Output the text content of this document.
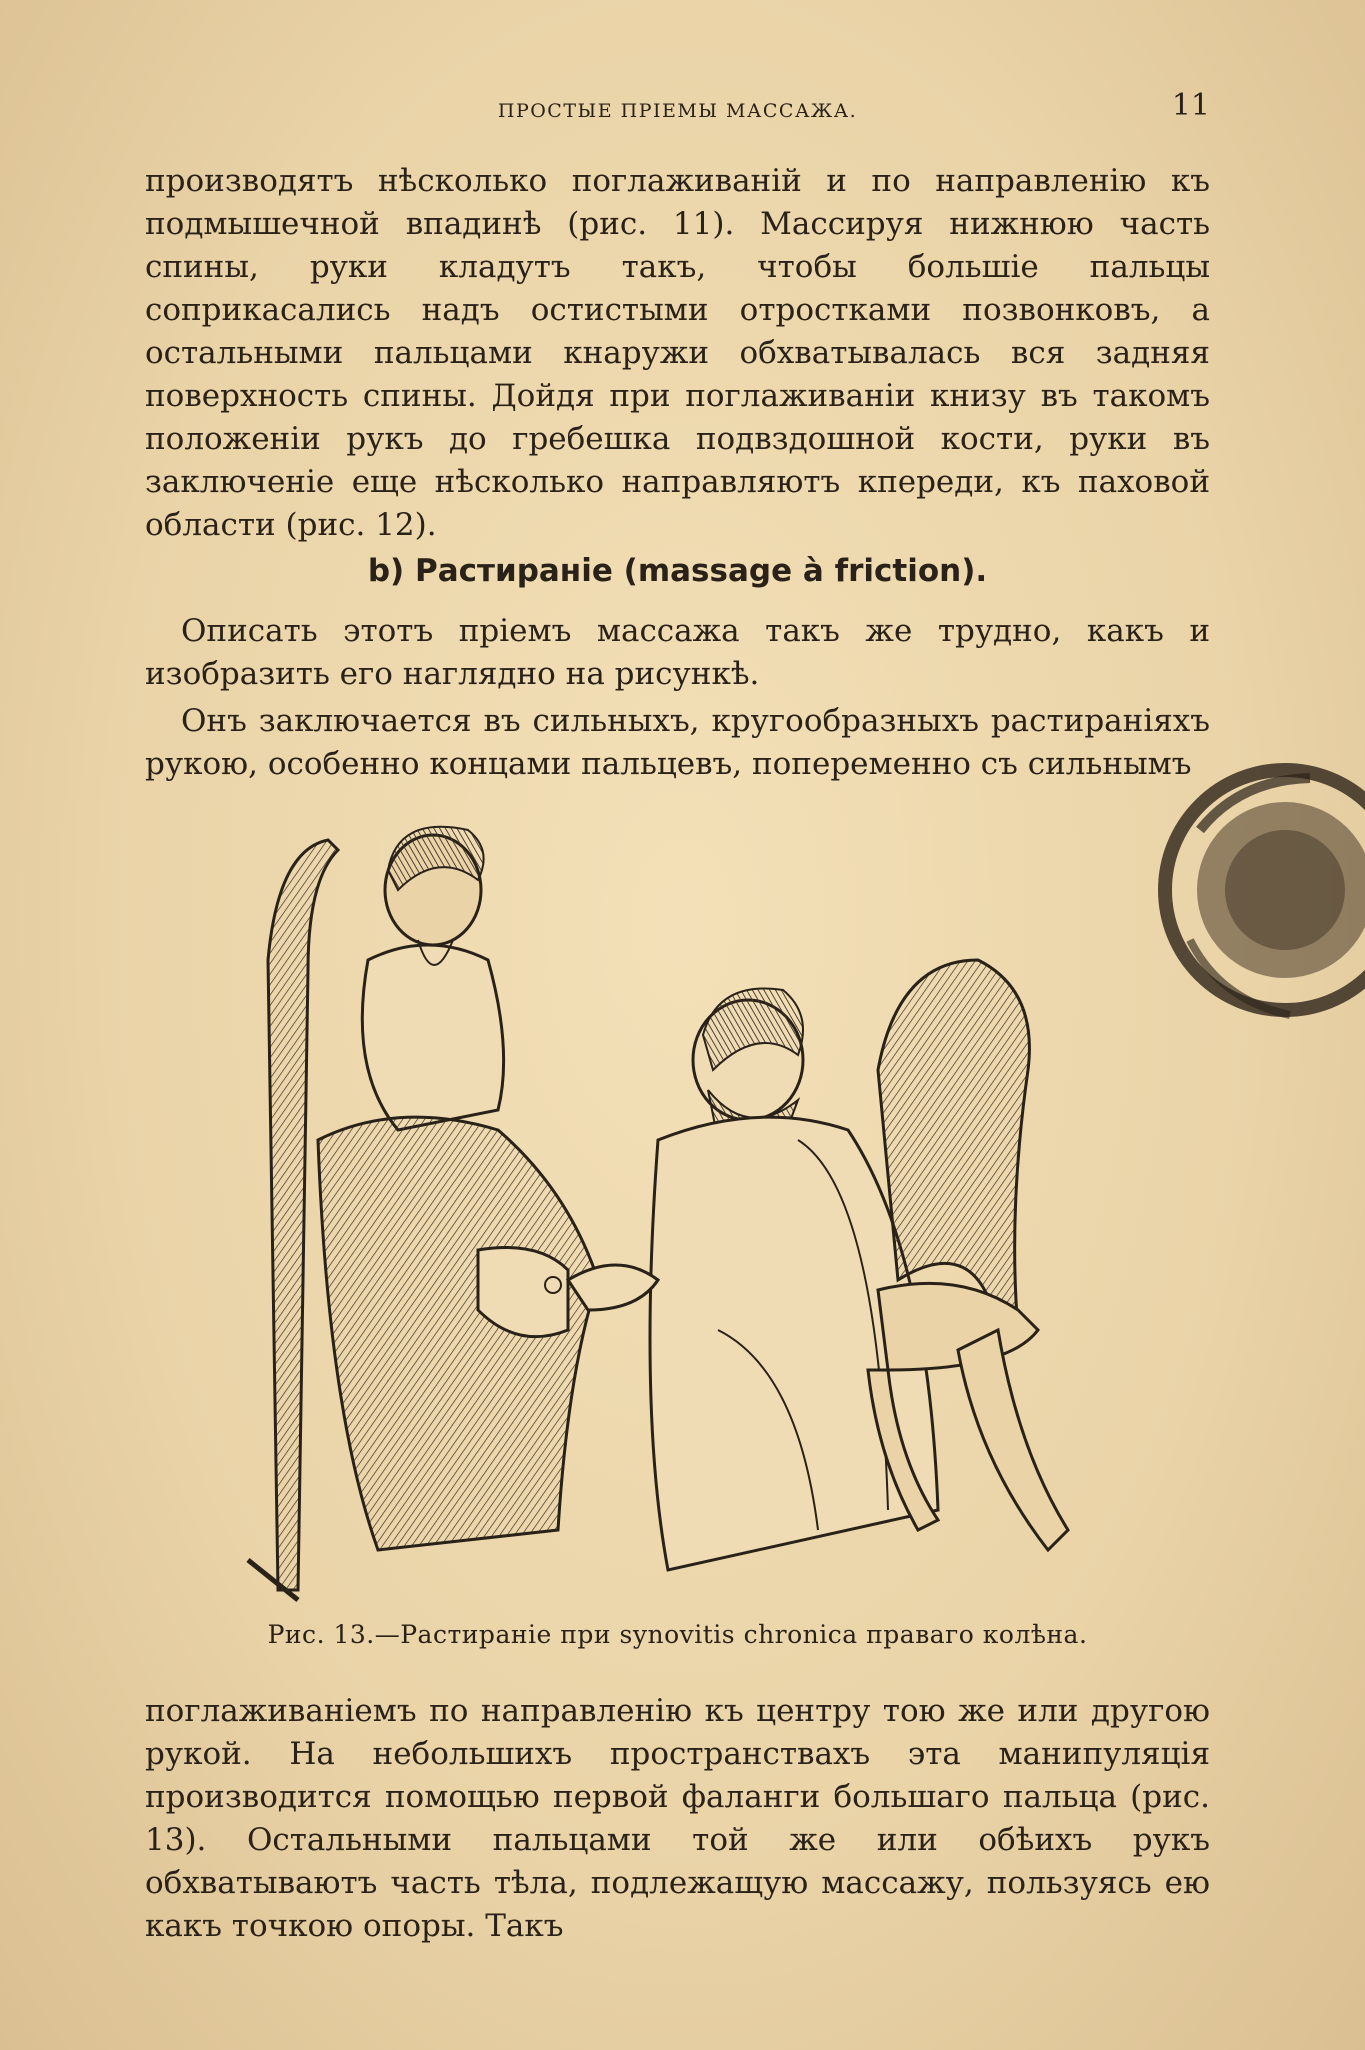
ПРОСТЫЕ ПРІЕМЫ МАССАЖА.	11

производятъ нѣсколько поглаживаній и по направленію къ подмышечной впадинѣ (рис. 11). Массируя нижнюю часть спины, руки кладутъ такъ, чтобы большіе пальцы соприкасались надъ остистыми отростками позвонковъ, а остальными пальцами кнаружи обхватывалась вся задняя поверхность спины. Дойдя при поглаживаніи книзу въ такомъ положеніи рукъ до гребешка подвздошной кости, руки въ заключеніе еще нѣсколько направляютъ кпереди, къ паховой области (рис. 12).

b) Растираніе (massage à friction).

Описать этотъ пріемъ массажа такъ же трудно, какъ и изобразить его наглядно на рисункѣ.

Онъ заключается въ сильныхъ, кругообразныхъ растираніяхъ рукою, особенно концами пальцевъ, попеременно съ сильнымъ

Рис. 13.—Растираніе при synovitis chronica праваго колѣна.

поглаживаніемъ по направленію къ центру тою же или другою рукой. На небольшихъ пространствахъ эта манипуляція производится помощью первой фаланги большаго пальца (рис. 13). Остальными пальцами той же или обѣихъ рукъ обхватываютъ часть тѣла, подлежащую массажу, пользуясь ею какъ точкою опоры. Такъ
